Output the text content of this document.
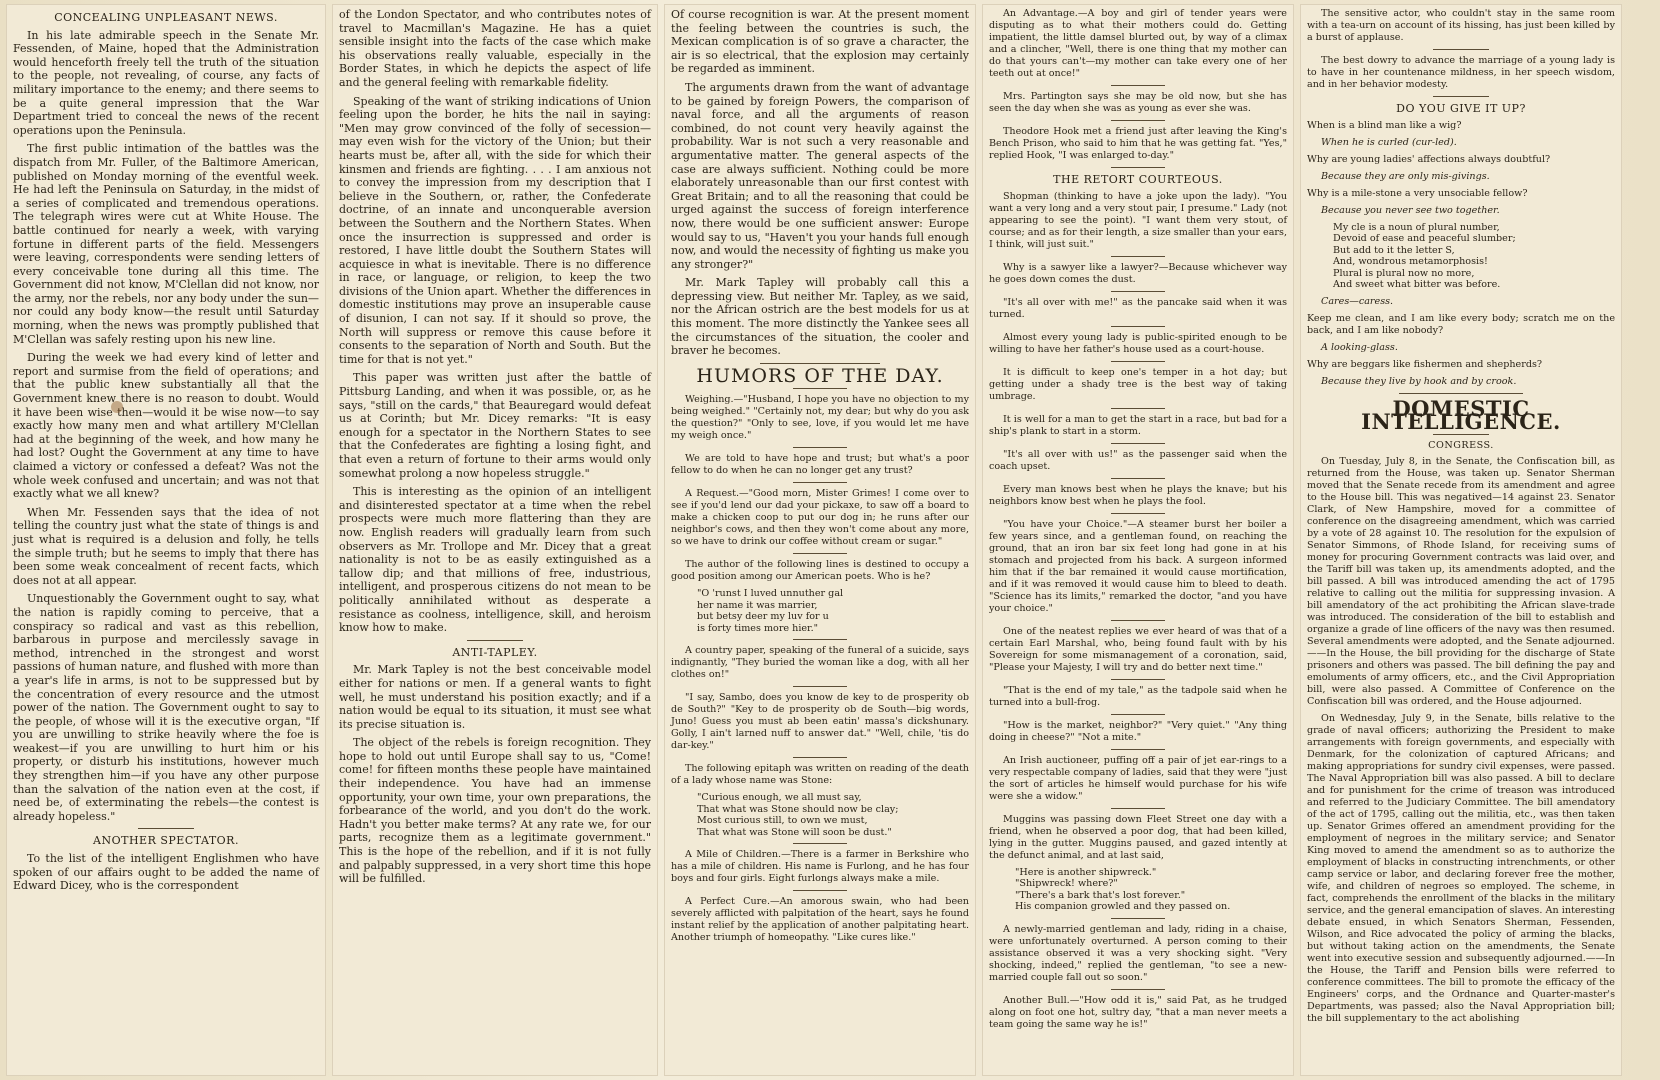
CONCEALING UNPLEASANT NEWS.

In his late admirable speech in the Senate Mr. Fessenden, of Maine, hoped that the Administration would henceforth freely tell the truth of the situation to the people, not revealing, of course, any facts of military importance to the enemy; and there seems to be a quite general impression that the War Department tried to conceal the news of the recent operations upon the Peninsula.

The first public intimation of the battles was the dispatch from Mr. Fuller, of the Baltimore American, published on Monday morning of the eventful week. He had left the Peninsula on Saturday, in the midst of a series of complicated and tremendous operations. The telegraph wires were cut at White House. The battle continued for nearly a week, with varying fortune in different parts of the field. Messengers were leaving, correspondents were sending letters of every conceivable tone during all this time. The Government did not know, M'Clellan did not know, nor the army, nor the rebels, nor any body under the sun—nor could any body know—the result until Saturday morning, when the news was promptly published that M'Clellan was safely resting upon his new line.

During the week we had every kind of letter and report and surmise from the field of operations; and that the public knew substantially all that the Government knew there is no reason to doubt. Would it have been wise then—would it be wise now—to say exactly how many men and what artillery M'Clellan had at the beginning of the week, and how many he had lost? Ought the Government at any time to have claimed a victory or confessed a defeat? Was not the whole week confused and uncertain; and was not that exactly what we all knew?

When Mr. Fessenden says that the idea of not telling the country just what the state of things is and just what is required is a delusion and folly, he tells the simple truth; but he seems to imply that there has been some weak concealment of recent facts, which does not at all appear.

Unquestionably the Government ought to say, what the nation is rapidly coming to perceive, that a conspiracy so radical and vast as this rebellion, barbarous in purpose and mercilessly savage in method, intrenched in the strongest and worst passions of human nature, and flushed with more than a year's life in arms, is not to be suppressed but by the concentration of every resource and the utmost power of the nation. The Government ought to say to the people, of whose will it is the executive organ, "If you are unwilling to strike heavily where the foe is weakest—if you are unwilling to hurt him or his property, or disturb his institutions, however much they strengthen him—if you have any other purpose than the salvation of the nation even at the cost, if need be, of exterminating the rebels—the contest is already hopeless."

ANOTHER SPECTATOR.

To the list of the intelligent Englishmen who have spoken of our affairs ought to be added the name of Edward Dicey, who is the correspondent

of the London Spectator, and who contributes notes of travel to Macmillan's Magazine. He has a quiet sensible insight into the facts of the case which make his observations really valuable, especially in the Border States, in which he depicts the aspect of life and the general feeling with remarkable fidelity.

Speaking of the want of striking indications of Union feeling upon the border, he hits the nail in saying: "Men may grow convinced of the folly of secession—may even wish for the victory of the Union; but their hearts must be, after all, with the side for which their kinsmen and friends are fighting. . . . I am anxious not to convey the impression from my description that I believe in the Southern, or, rather, the Confederate doctrine, of an innate and unconquerable aversion between the Southern and the Northern States. When once the insurrection is suppressed and order is restored, I have little doubt the Southern States will acquiesce in what is inevitable. There is no difference in race, or language, or religion, to keep the two divisions of the Union apart. Whether the differences in domestic institutions may prove an insuperable cause of disunion, I can not say. If it should so prove, the North will suppress or remove this cause before it consents to the separation of North and South. But the time for that is not yet."

This paper was written just after the battle of Pittsburg Landing, and when it was possible, or, as he says, "still on the cards," that Beauregard would defeat us at Corinth; but Mr. Dicey remarks: "It is easy enough for a spectator in the Northern States to see that the Confederates are fighting a losing fight, and that even a return of fortune to their arms would only somewhat prolong a now hopeless struggle."

This is interesting as the opinion of an intelligent and disinterested spectator at a time when the rebel prospects were much more flattering than they are now. English readers will gradually learn from such observers as Mr. Trollope and Mr. Dicey that a great nationality is not to be as easily extinguished as a tallow dip; and that millions of free, industrious, intelligent, and prosperous citizens do not mean to be politically annihilated without as desperate a resistance as coolness, intelligence, skill, and heroism know how to make.

ANTI-TAPLEY.

Mr. Mark Tapley is not the best conceivable model either for nations or men. If a general wants to fight well, he must understand his position exactly; and if a nation would be equal to its situation, it must see what its precise situation is.

The object of the rebels is foreign recognition. They hope to hold out until Europe shall say to us, "Come! come! for fifteen months these people have maintained their independence. You have had an immense opportunity, your own time, your own preparations, the forbearance of the world, and you don't do the work. Hadn't you better make terms? At any rate we, for our parts, recognize them as a legitimate government." This is the hope of the rebellion, and if it is not fully and palpably suppressed, in a very short time this hope will be fulfilled.

Of course recognition is war. At the present moment the feeling between the countries is such, the Mexican complication is of so grave a character, the air is so electrical, that the explosion may certainly be regarded as imminent.

The arguments drawn from the want of advantage to be gained by foreign Powers, the comparison of naval force, and all the arguments of reason combined, do not count very heavily against the probability. War is not such a very reasonable and argumentative matter. The general aspects of the case are always sufficient. Nothing could be more elaborately unreasonable than our first contest with Great Britain; and to all the reasoning that could be urged against the success of foreign interference now, there would be one sufficient answer: Europe would say to us, "Haven't you your hands full enough now, and would the necessity of fighting us make you any stronger?"

Mr. Mark Tapley will probably call this a depressing view. But neither Mr. Tapley, as we said, nor the African ostrich are the best models for us at this moment. The more distinctly the Yankee sees all the circumstances of the situation, the cooler and braver he becomes.

HUMORS OF THE DAY.

Weighing.—"Husband, I hope you have no objection to my being weighed." "Certainly not, my dear; but why do you ask the question?" "Only to see, love, if you would let me have my weigh once."

We are told to have hope and trust; but what's a poor fellow to do when he can no longer get any trust?

A Request.—"Good morn, Mister Grimes! I come over to see if you'd lend our dad your pickaxe, to saw off a board to make a chicken coop to put our dog in; he runs after our neighbor's cows, and then they won't come about any more, so we have to drink our coffee without cream or sugar."

The author of the following lines is destined to occupy a good position among our American poets. Who is he?

"O 'runst I luved unnuther gal
her name it was marrier,
but betsy deer my luv for u
is forty times more hier."

A country paper, speaking of the funeral of a suicide, says indignantly, "They buried the woman like a dog, with all her clothes on!"

"I say, Sambo, does you know de key to de prosperity ob de South?" "Key to de prosperity ob de South—big words, Juno! Guess you must ab been eatin' massa's dickshunary. Golly, I ain't larned nuff to answer dat." "Well, chile, 'tis do dar-key."

The following epitaph was written on reading of the death of a lady whose name was Stone:

"Curious enough, we all must say,
That what was Stone should now be clay;
Most curious still, to own we must,
That what was Stone will soon be dust."

A Mile of Children.—There is a farmer in Berkshire who has a mile of children. His name is Furlong, and he has four boys and four girls. Eight furlongs always make a mile.

A Perfect Cure.—An amorous swain, who had been severely afflicted with palpitation of the heart, says he found instant relief by the application of another palpitating heart. Another triumph of homeopathy. "Like cures like."

An Advantage.—A boy and girl of tender years were disputing as to what their mothers could do. Getting impatient, the little damsel blurted out, by way of a climax and a clincher, "Well, there is one thing that my mother can do that yours can't—my mother can take every one of her teeth out at once!"

Mrs. Partington says she may be old now, but she has seen the day when she was as young as ever she was.

Theodore Hook met a friend just after leaving the King's Bench Prison, who said to him that he was getting fat. "Yes," replied Hook, "I was enlarged to-day."

THE RETORT COURTEOUS.

Shopman (thinking to have a joke upon the lady). "You want a very long and a very stout pair, I presume." Lady (not appearing to see the point). "I want them very stout, of course; and as for their length, a size smaller than your ears, I think, will just suit."

Why is a sawyer like a lawyer?—Because whichever way he goes down comes the dust.

"It's all over with me!" as the pancake said when it was turned.

Almost every young lady is public-spirited enough to be willing to have her father's house used as a court-house.

It is difficult to keep one's temper in a hot day; but getting under a shady tree is the best way of taking umbrage.

It is well for a man to get the start in a race, but bad for a ship's plank to start in a storm.

"It's all over with us!" as the passenger said when the coach upset.

Every man knows best when he plays the knave; but his neighbors know best when he plays the fool.

"You have your Choice."—A steamer burst her boiler a few years since, and a gentleman found, on reaching the ground, that an iron bar six feet long had gone in at his stomach and projected from his back. A surgeon informed him that if the bar remained it would cause mortification, and if it was removed it would cause him to bleed to death. "Science has its limits," remarked the doctor, "and you have your choice."

One of the neatest replies we ever heard of was that of a certain Earl Marshal, who, being found fault with by his Sovereign for some mismanagement of a coronation, said, "Please your Majesty, I will try and do better next time."

"That is the end of my tale," as the tadpole said when he turned into a bull-frog.

"How is the market, neighbor?" "Very quiet." "Any thing doing in cheese?" "Not a mite."

An Irish auctioneer, puffing off a pair of jet ear-rings to a very respectable company of ladies, said that they were "just the sort of articles he himself would purchase for his wife were she a widow."

Muggins was passing down Fleet Street one day with a friend, when he observed a poor dog, that had been killed, lying in the gutter. Muggins paused, and gazed intently at the defunct animal, and at last said,

"Here is another shipwreck."
"Shipwreck! where?"
"There's a bark that's lost forever."
His companion growled and they passed on.

A newly-married gentleman and lady, riding in a chaise, were unfortunately overturned. A person coming to their assistance observed it was a very shocking sight. "Very shocking, indeed," replied the gentleman, "to see a new-married couple fall out so soon."

Another Bull.—"How odd it is," said Pat, as he trudged along on foot one hot, sultry day, "that a man never meets a team going the same way he is!"

The sensitive actor, who couldn't stay in the same room with a tea-urn on account of its hissing, has just been killed by a burst of applause.

The best dowry to advance the marriage of a young lady is to have in her countenance mildness, in her speech wisdom, and in her behavior modesty.

DO YOU GIVE IT UP?

When is a blind man like a wig?

When he is curled (cur-led).

Why are young ladies' affections always doubtful?

Because they are only mis-givings.

Why is a mile-stone a very unsociable fellow?

Because you never see two together.

My cle is a noun of plural number,
Devoid of ease and peaceful slumber;
But add to it the letter S,
And, wondrous metamorphosis!
Plural is plural now no more,
And sweet what bitter was before.

Cares—caress.

Keep me clean, and I am like every body; scratch me on the back, and I am like nobody?

A looking-glass.

Why are beggars like fishermen and shepherds?

Because they live by hook and by crook.

DOMESTIC INTELLIGENCE.
CONGRESS.

On Tuesday, July 8, in the Senate, the Confiscation bill, as returned from the House, was taken up. Senator Sherman moved that the Senate recede from its amendment and agree to the House bill. This was negatived—14 against 23. Senator Clark, of New Hampshire, moved for a committee of conference on the disagreeing amendment, which was carried by a vote of 28 against 10. The resolution for the expulsion of Senator Simmons, of Rhode Island, for receiving sums of money for procuring Government contracts was laid over, and the Tariff bill was taken up, its amendments adopted, and the bill passed. A bill was introduced amending the act of 1795 relative to calling out the militia for suppressing invasion. A bill amendatory of the act prohibiting the African slave-trade was introduced. The consideration of the bill to establish and organize a grade of line officers of the navy was then resumed. Several amendments were adopted, and the Senate adjourned.——In the House, the bill providing for the discharge of State prisoners and others was passed. The bill defining the pay and emoluments of army officers, etc., and the Civil Appropriation bill, were also passed. A Committee of Conference on the Confiscation bill was ordered, and the House adjourned.

On Wednesday, July 9, in the Senate, bills relative to the grade of naval officers; authorizing the President to make arrangements with foreign governments, and especially with Denmark, for the colonization of captured Africans; and making appropriations for sundry civil expenses, were passed. The Naval Appropriation bill was also passed. A bill to declare and for punishment for the crime of treason was introduced and referred to the Judiciary Committee. The bill amendatory of the act of 1795, calling out the militia, etc., was then taken up. Senator Grimes offered an amendment providing for the employment of negroes in the military service; and Senator King moved to amend the amendment so as to authorize the employment of blacks in constructing intrenchments, or other camp service or labor, and declaring forever free the mother, wife, and children of negroes so employed. The scheme, in fact, comprehends the enrollment of the blacks in the military service, and the general emancipation of slaves. An interesting debate ensued, in which Senators Sherman, Fessenden, Wilson, and Rice advocated the policy of arming the blacks, but without taking action on the amendments, the Senate went into executive session and subsequently adjourned.——In the House, the Tariff and Pension bills were referred to conference committees. The bill to promote the efficacy of the Engineers' corps, and the Ordnance and Quarter-master's Departments, was passed; also the Naval Appropriation bill; the bill supplementary to the act abolishing
